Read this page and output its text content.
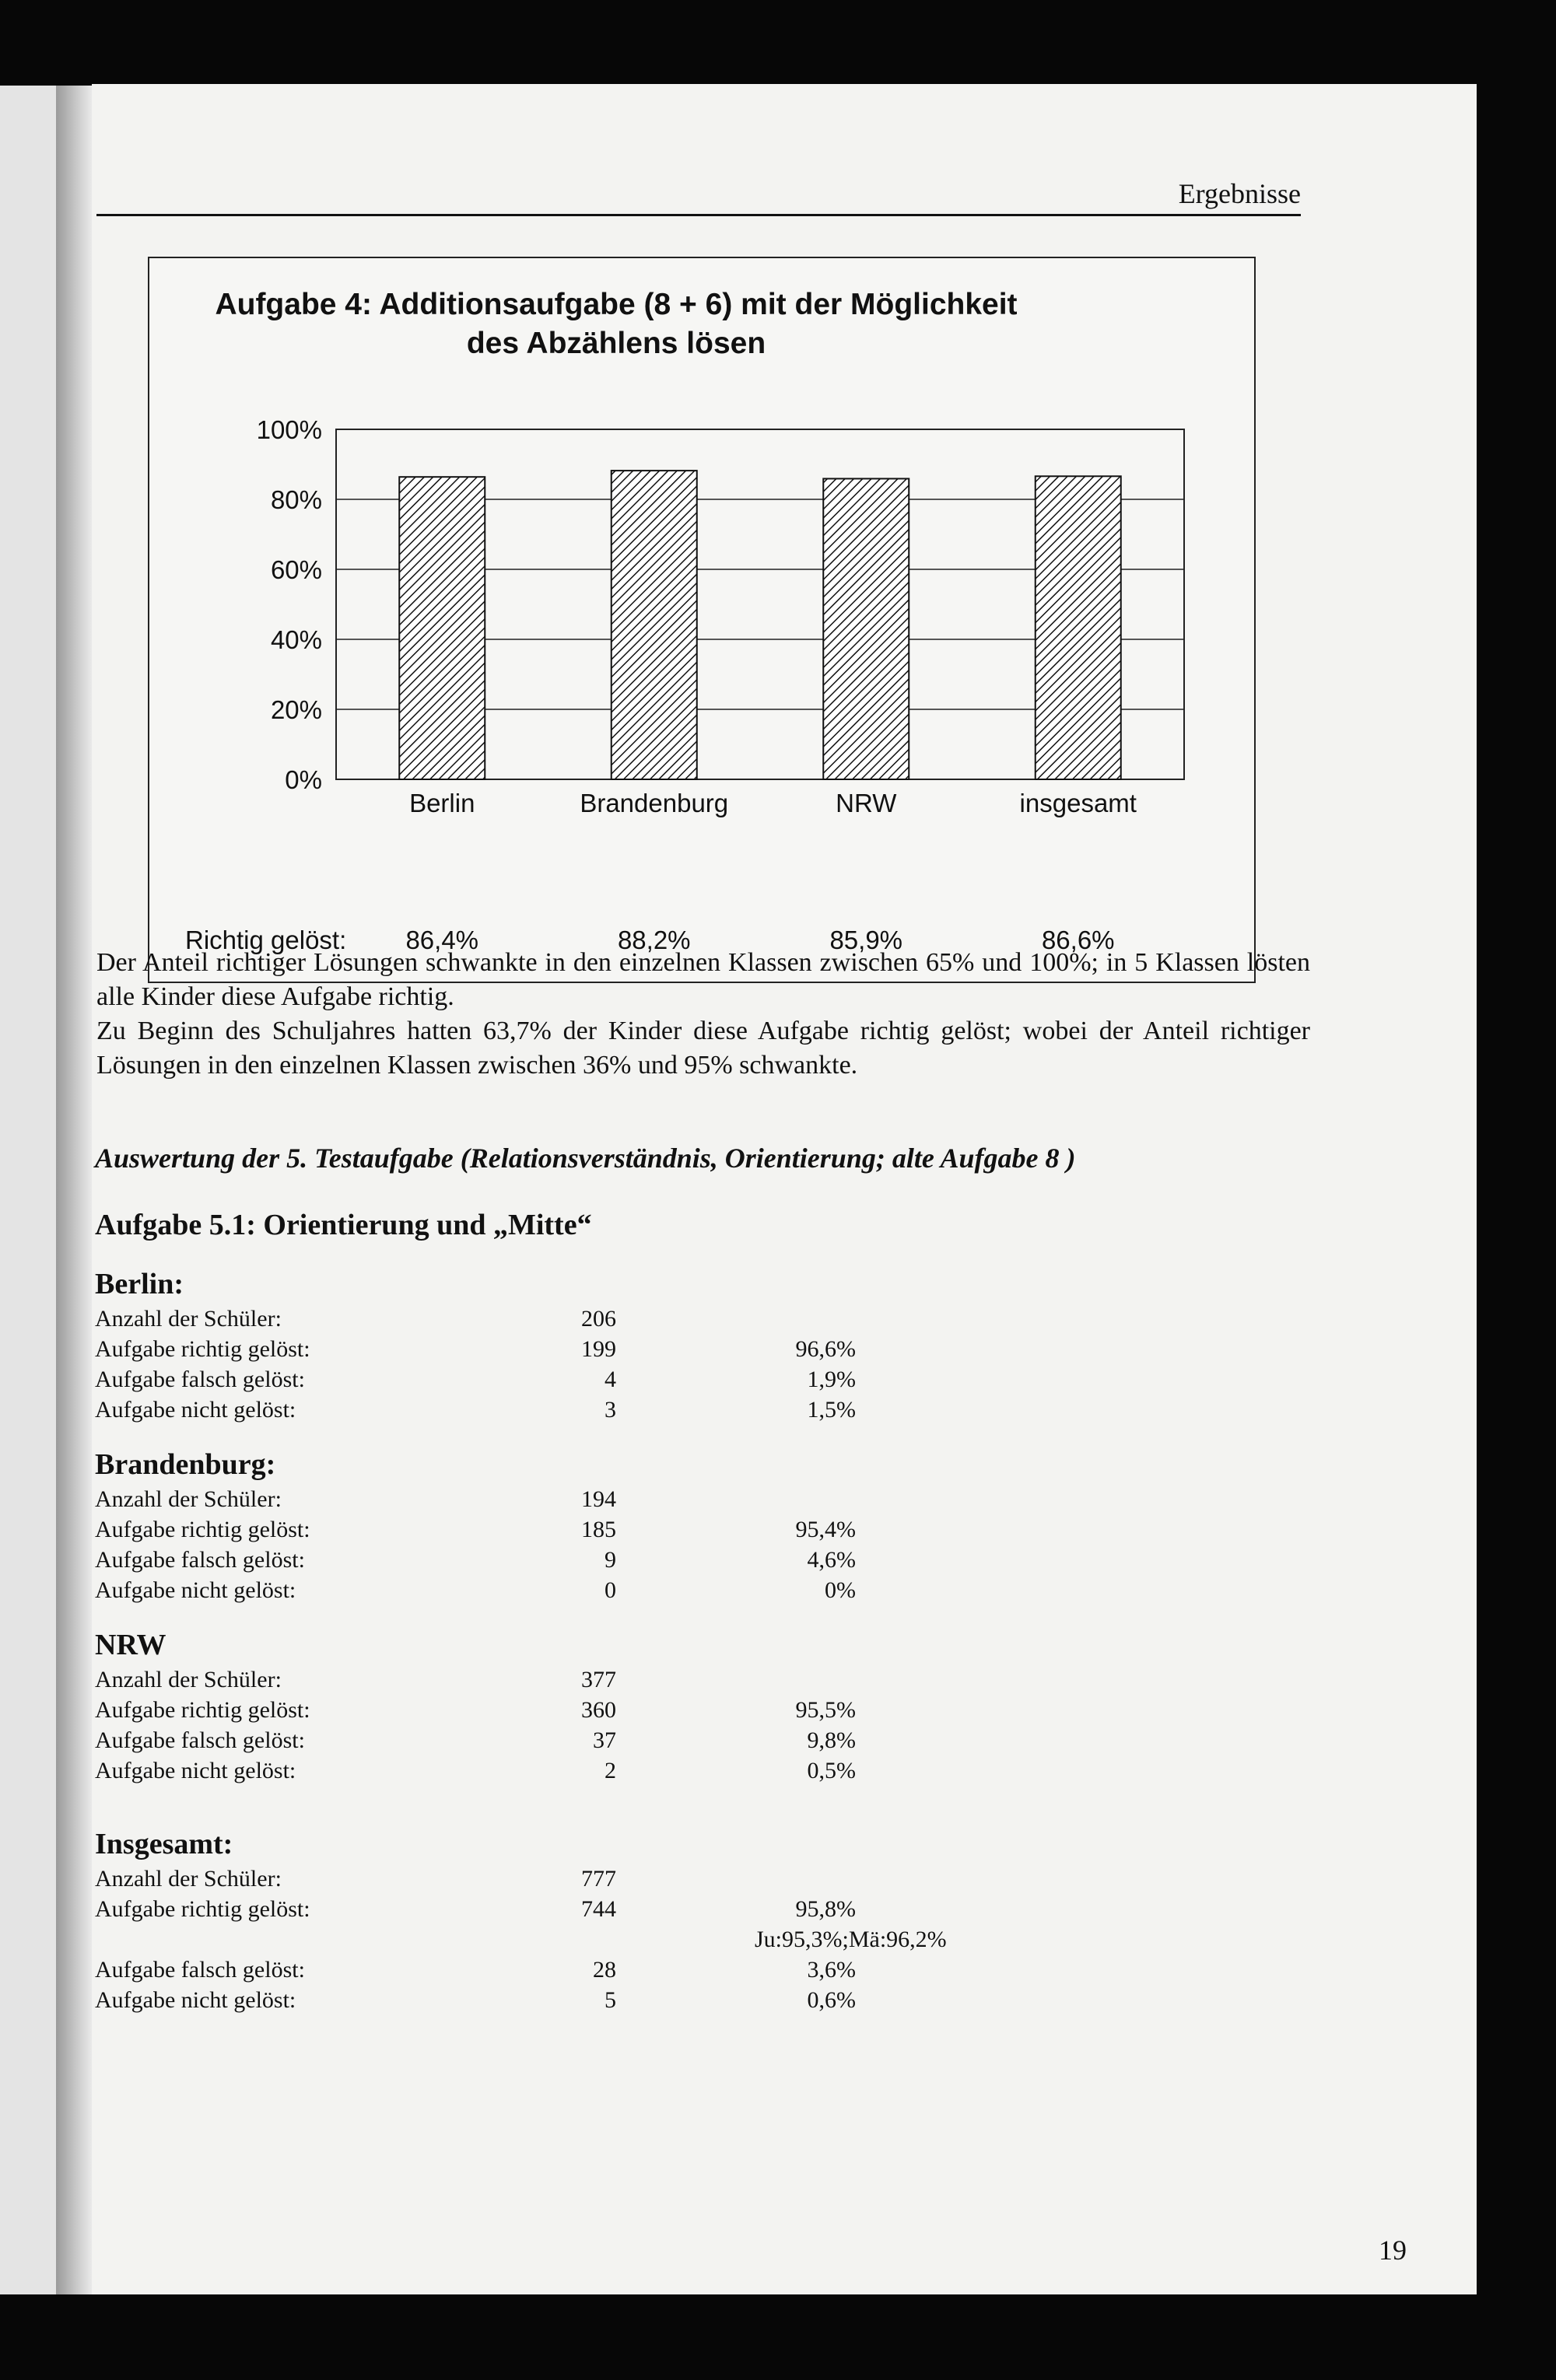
Ergebnisse
Aufgabe 4: Additionsaufgabe (8 + 6) mit der Möglichkeit
des Abzählens lösen
0%
20%
40%
60%
80%
100%
Berlin	Brandenburg	NRW	insgesamt
Richtig gelöst: 86,4%	88,2%	85,9%	86,6%
Der Anteil richtiger Lösungen schwankte in den einzelnen Klassen zwischen 65% und 100%; in 5 Klassen lösten alle Kinder diese Aufgabe richtig.
Zu Beginn des Schuljahres hatten 63,7% der Kinder diese Aufgabe richtig gelöst; wobei der Anteil richtiger Lösungen in den einzelnen Klassen zwischen 36% und 95% schwankte.
Auswertung der 5. Testaufgabe (Relationsverständnis, Orientierung; alte Aufgabe 8 )
Aufgabe 5.1: Orientierung und „Mitte“
Berlin:
Anzahl der Schüler:	206
Aufgabe richtig gelöst:	199	96,6%
Aufgabe falsch gelöst:	4	1,9%
Aufgabe nicht gelöst:	3	1,5%
Brandenburg:
Anzahl der Schüler:	194
Aufgabe richtig gelöst:	185	95,4%
Aufgabe falsch gelöst:	9	4,6%
Aufgabe nicht gelöst:	0	0%
NRW
Anzahl der Schüler:	377
Aufgabe richtig gelöst:	360	95,5%
Aufgabe falsch gelöst:	37	9,8%
Aufgabe nicht gelöst:	2	0,5%
Insgesamt:
Anzahl der Schüler:	777
Aufgabe richtig gelöst:	744	95,8%
Ju:95,3%;Mä:96,2%
Aufgabe falsch gelöst:	28	3,6%
Aufgabe nicht gelöst:	5	0,6%
19
